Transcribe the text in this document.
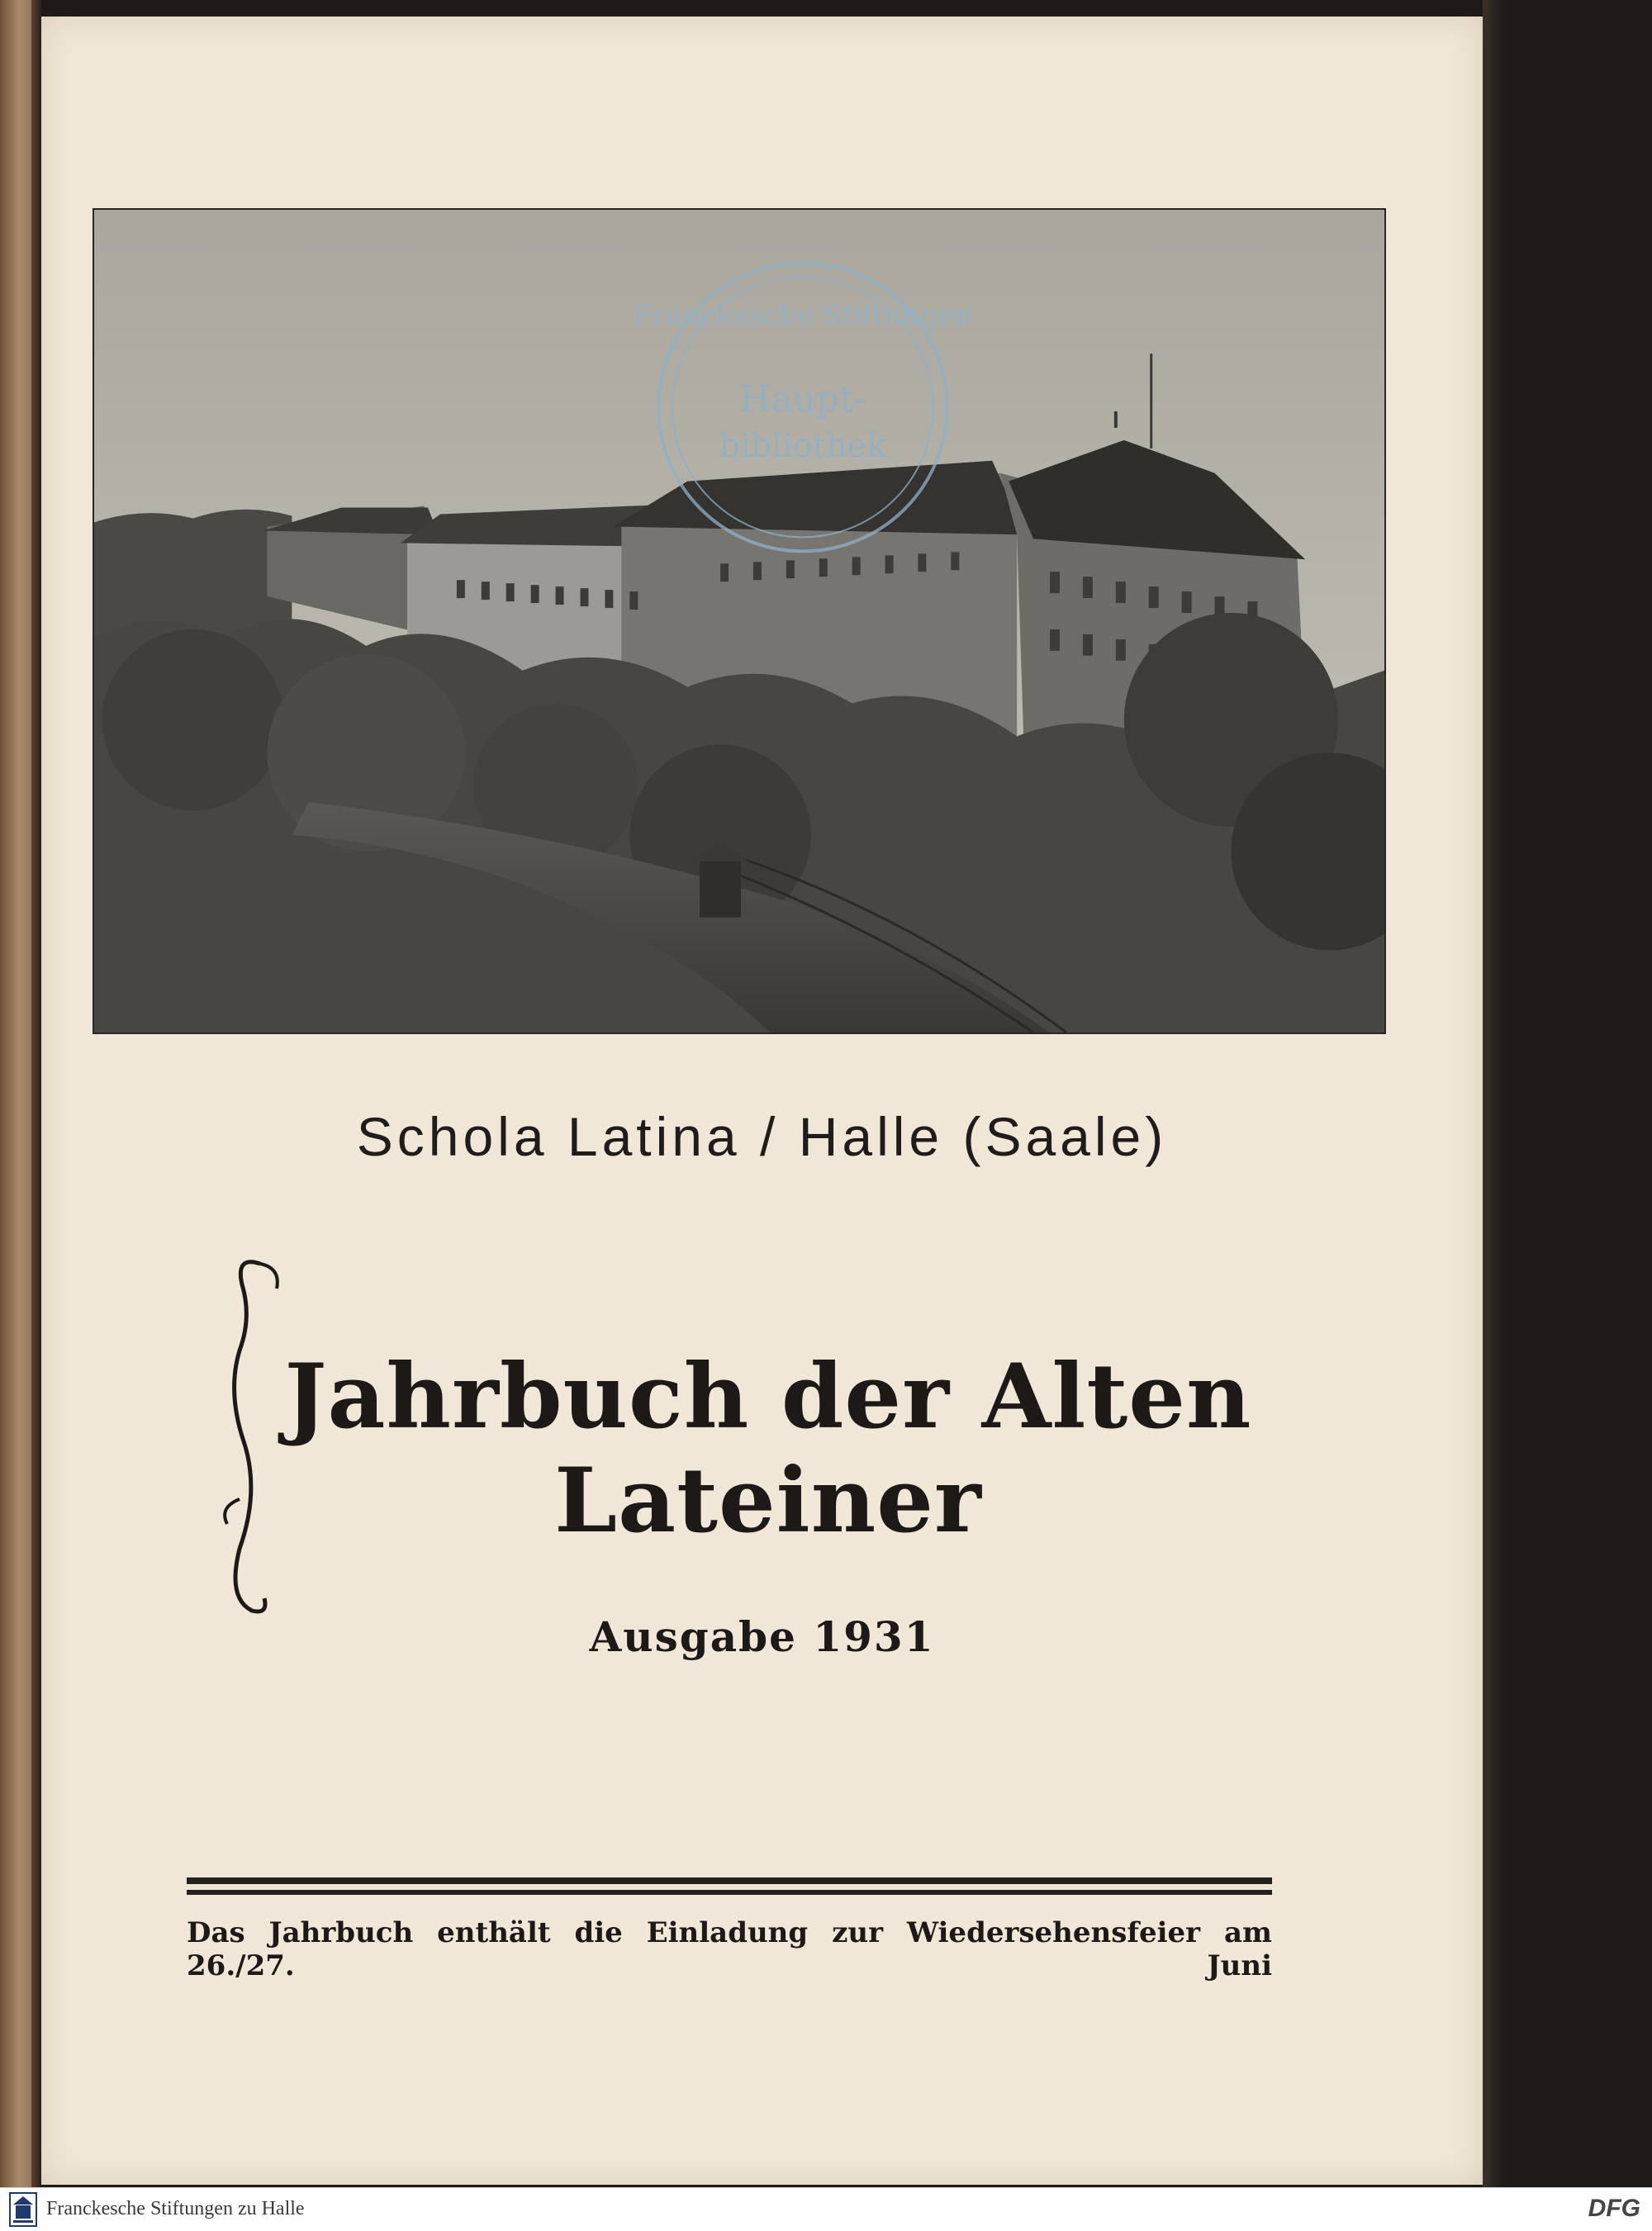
Franckesche Stiftungen
Haupt-
bibliothek
Schola Latina / Halle (Saale)
Jahrbuch der Alten Lateiner
Ausgabe 1931
Das Jahrbuch enthält die Einladung zur Wiedersehensfeier am 26./27. Juni
Franckesche Stiftungen zu Halle	DFG
